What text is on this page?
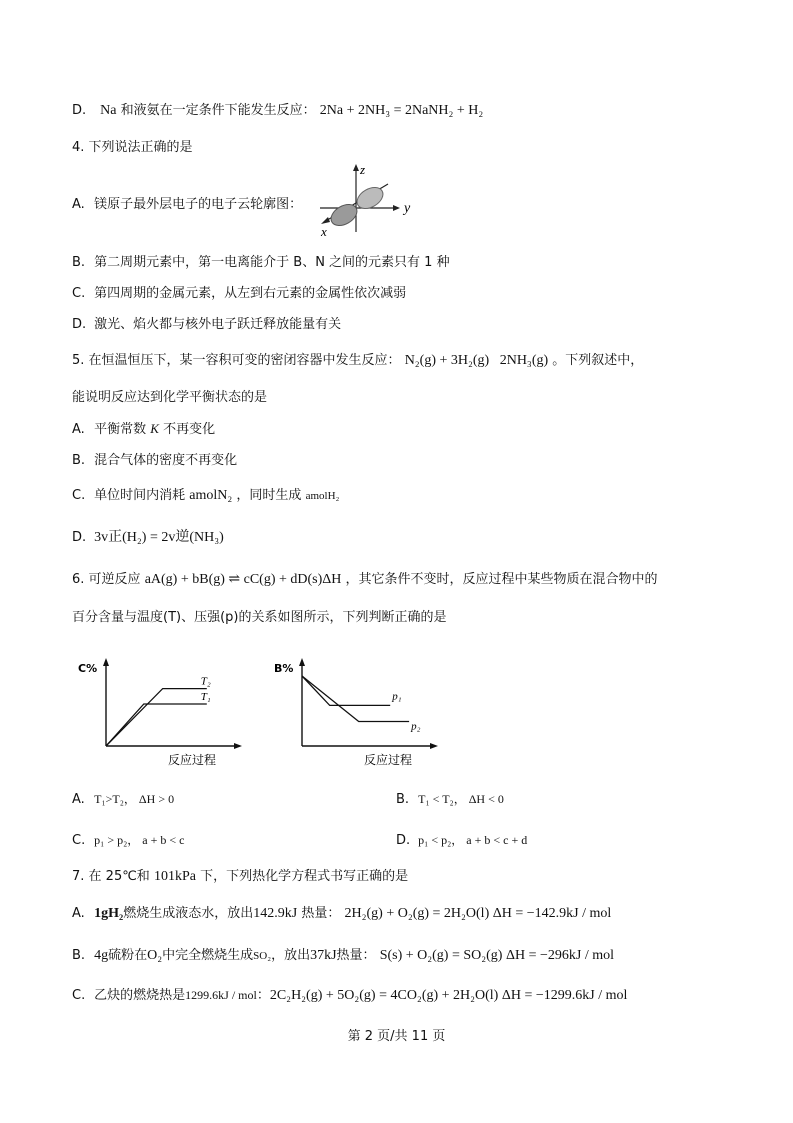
D. Na 和液氨在一定条件下能发生反应： 2Na + 2NH₃ = 2NaNH₂ + H₂
4. 下列说法正确的是
A. 镁原子最外层电子的电子云轮廓图：
z
y
x
B. 第二周期元素中，第一电离能介于 B、N 之间的元素只有 1 种
C. 第四周期的金属元素，从左到右元素的金属性依次减弱
D. 激光、焰火都与核外电子跃迁释放能量有关
5. 在恒温恒压下，某一容积可变的密闭容器中发生反应： N₂(g) + 3H₂(g)   2NH₃(g) 。下列叙述中，
能说明反应达到化学平衡状态的是
A. 平衡常数 K 不再变化
B. 混合气体的密度不再变化
C. 单位时间内消耗 amolN₂ ，同时生成 amolH₂
D. 3v正(H₂) = 2v逆(NH₃)
6. 可逆反应 aA(g) + bB(g) ⇌ cC(g) + dD(s)ΔH ，其它条件不变时，反应过程中某些物质在混合物中的
百分含量与温度(T)、压强(p)的关系如图所示，下列判断正确的是
C%
反应过程
T₂
T₁
B%
反应过程
p₁
p₂
A. T₁>T₂， ΔH > 0	B. T₁ < T₂， ΔH < 0
C. p₁ > p₂， a + b < c	D. p₁ < p₂， a + b < c + d
7. 在 25℃和 101kPa 下，下列热化学方程式书写正确的是
A. 1gH₂燃烧生成液态水，放出142.9kJ 热量： 2H₂(g) + O₂(g) = 2H₂O(l) ΔH = −142.9kJ / mol
B. 4g硫粉在O₂中完全燃烧生成SO₂，放出37kJ热量： S(s) + O₂(g) = SO₂(g) ΔH = −296kJ / mol
C. 乙炔的燃烧热是1299.6kJ / mol：2C₂H₂(g) + 5O₂(g) = 4CO₂(g) + 2H₂O(l) ΔH = −1299.6kJ / mol
第 2 页/共 11 页
